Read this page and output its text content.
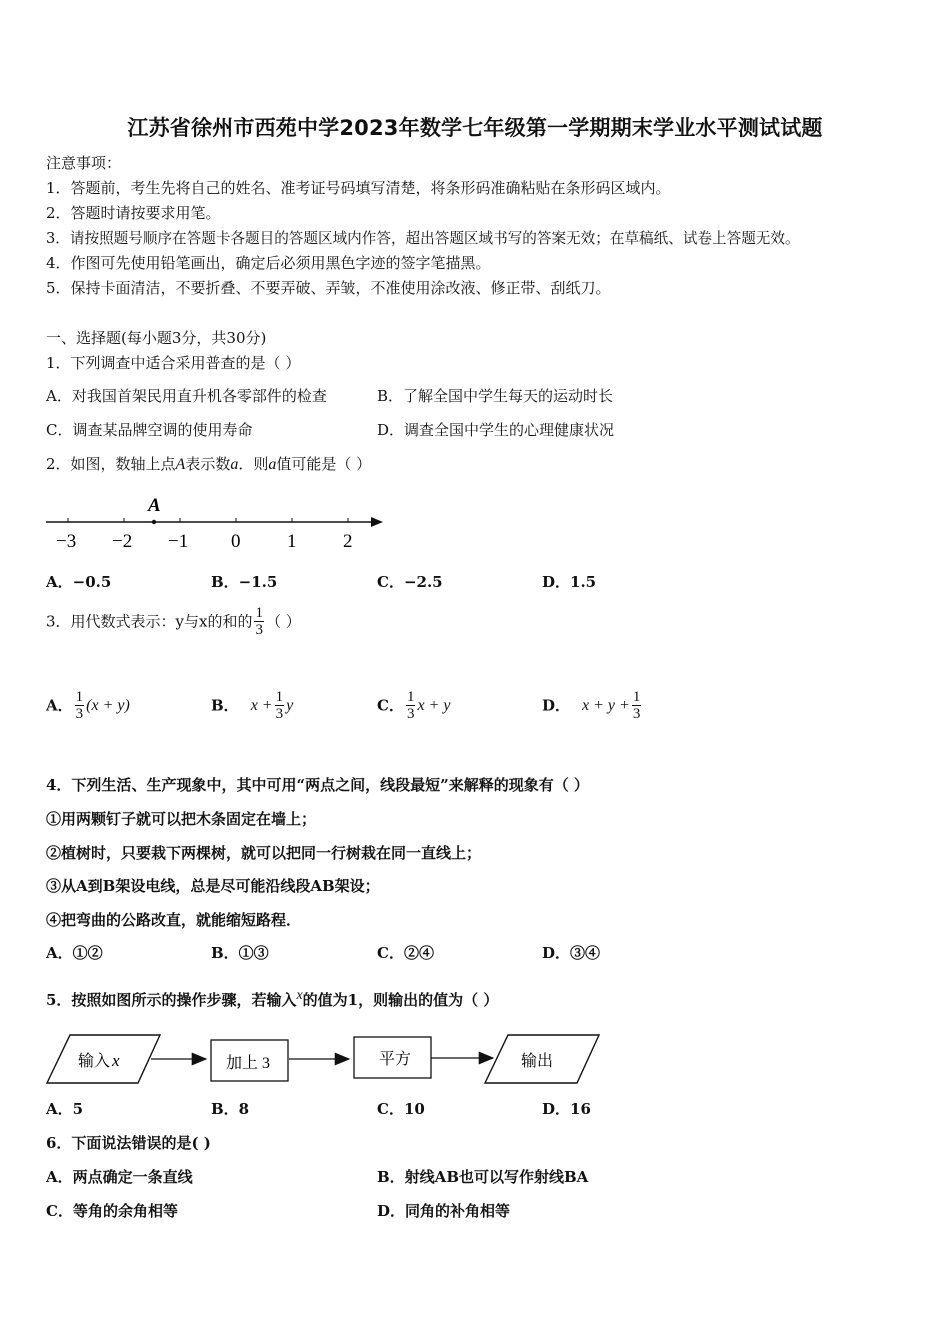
江苏省徐州市西苑中学2023年数学七年级第一学期期末学业水平测试试题
注意事项：
1．答题前，考生先将自己的姓名、准考证号码填写清楚，将条形码准确粘贴在条形码区域内。
2．答题时请按要求用笔。
3．请按照题号顺序在答题卡各题目的答题区域内作答，超出答题区域书写的答案无效；在草稿纸、试卷上答题无效。
4．作图可先使用铅笔画出，确定后必须用黑色字迹的签字笔描黑。
5．保持卡面清洁，不要折叠、不要弄破、弄皱，不准使用涂改液、修正带、刮纸刀。
一、选择题(每小题3分，共30分)
1．下列调查中适合采用普查的是（ ）
A．对我国首架民用直升机各零部件的检查	B．了解全国中学生每天的运动时长
C．调查某品牌空调的使用寿命	D．调查全国中学生的心理健康状况
2．如图，数轴上点A表示数a．则a值可能是（ ）
A
−3 −2 −1 0 1 2
A．−0.5	B．−1.5	C．−2.5	D．1.5
3．用代数式表示：y与x的和的 $\frac{1}{3}$ （ ）
A． $\frac{1}{3} (x + y)$	B． $x + \frac{1}{3}$ y	C． $\frac{1}{3}$ x + y	D． $x + y + \frac{1}{3}$
4．下列生活、生产现象中，其中可用“两点之间，线段最短”来解释的现象有（ ）
①用两颗钉子就可以把木条固定在墙上；
②植树时，只要栽下两棵树，就可以把同一行树栽在同一直线上；
③从A到B架设电线，总是尽可能沿线段AB架设；
④把弯曲的公路改直，就能缩短路程．
A．①②	B．①③	C．②④	D．③④
5．按照如图所示的操作步骤，若输入$^x$的值为1，则输出的值为（ ）
输入 x	加上 3	平方	输出
A．5	B．8	C．10	D．16
6．下面说法错误的是( )
A．两点确定一条直线	B．射线AB也可以写作射线BA
C．等角的余角相等	D．同角的补角相等
